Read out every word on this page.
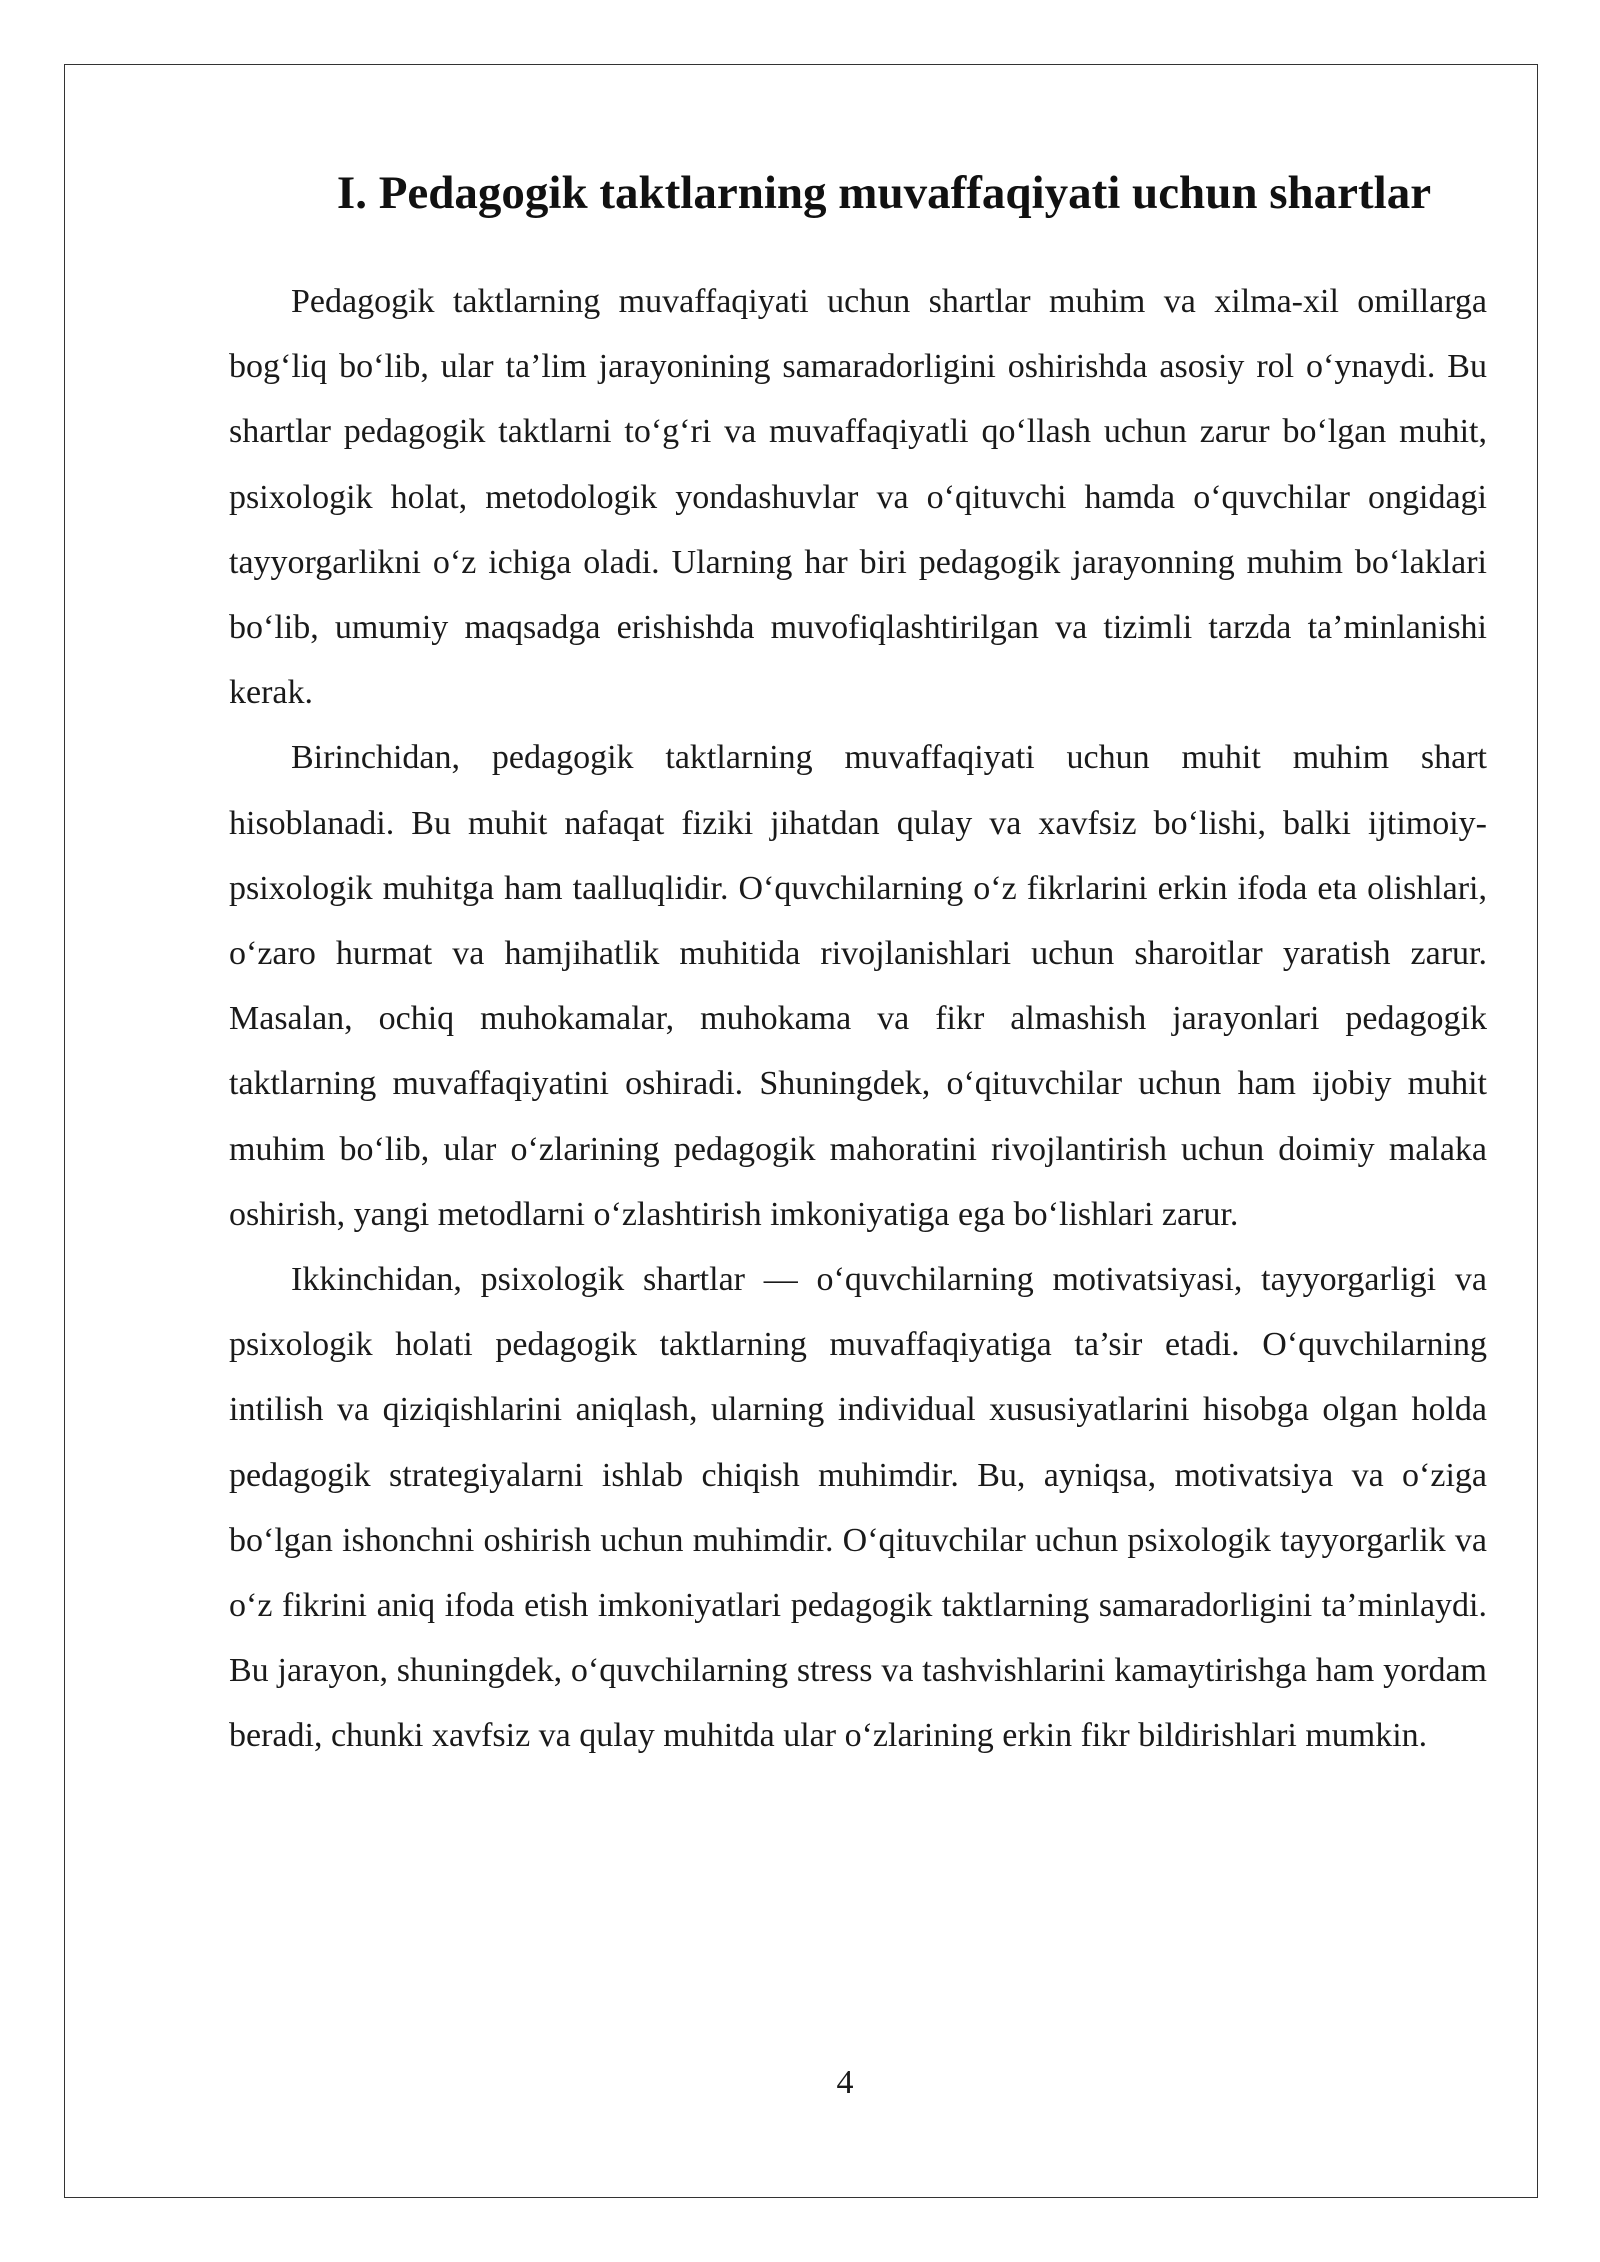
I. Pedagogik taktlarning muvaffaqiyati uchun shartlar

Pedagogik taktlarning muvaffaqiyati uchun shartlar muhim va xilma-xil omillarga bog‘liq bo‘lib, ular ta’lim jarayonining samaradorligini oshirishda asosiy rol o‘ynaydi. Bu shartlar pedagogik taktlarni to‘g‘ri va muvaffaqiyatli qo‘llash uchun zarur bo‘lgan muhit, psixologik holat, metodologik yondashuvlar va o‘qituvchi hamda o‘quvchilar ongidagi tayyorgarlikni o‘z ichiga oladi. Ularning har biri pedagogik jarayonning muhim bo‘laklari bo‘lib, umumiy maqsadga erishishda muvofiqlashtirilgan va tizimli tarzda ta’minlanishi kerak.

Birinchidan, pedagogik taktlarning muvaffaqiyati uchun muhit muhim shart hisoblanadi. Bu muhit nafaqat fiziki jihatdan qulay va xavfsiz bo‘lishi, balki ijtimoiy-psixologik muhitga ham taalluqlidir. O‘quvchilarning o‘z fikrlarini erkin ifoda eta olishlari, o‘zaro hurmat va hamjihatlik muhitida rivojlanishlari uchun sharoitlar yaratish zarur. Masalan, ochiq muhokamalar, muhokama va fikr almashish jarayonlari pedagogik taktlarning muvaffaqiyatini oshiradi. Shuningdek, o‘qituvchilar uchun ham ijobiy muhit muhim bo‘lib, ular o‘zlarining pedagogik mahoratini rivojlantirish uchun doimiy malaka oshirish, yangi metodlarni o‘zlashtirish imkoniyatiga ega bo‘lishlari zarur.

Ikkinchidan, psixologik shartlar — o‘quvchilarning motivatsiyasi, tayyorgarligi va psixologik holati pedagogik taktlarning muvaffaqiyatiga ta’sir etadi. O‘quvchilarning intilish va qiziqishlarini aniqlash, ularning individual xususiyatlarini hisobga olgan holda pedagogik strategiyalarni ishlab chiqish muhimdir. Bu, ayniqsa, motivatsiya va o‘ziga bo‘lgan ishonchni oshirish uchun muhimdir. O‘qituvchilar uchun psixologik tayyorgarlik va o‘z fikrini aniq ifoda etish imkoniyatlari pedagogik taktlarning samaradorligini ta’minlaydi. Bu jarayon, shuningdek, o‘quvchilarning stress va tashvishlarini kamaytirishga ham yordam beradi, chunki xavfsiz va qulay muhitda ular o‘zlarining erkin fikr bildirishlari mumkin.

4
